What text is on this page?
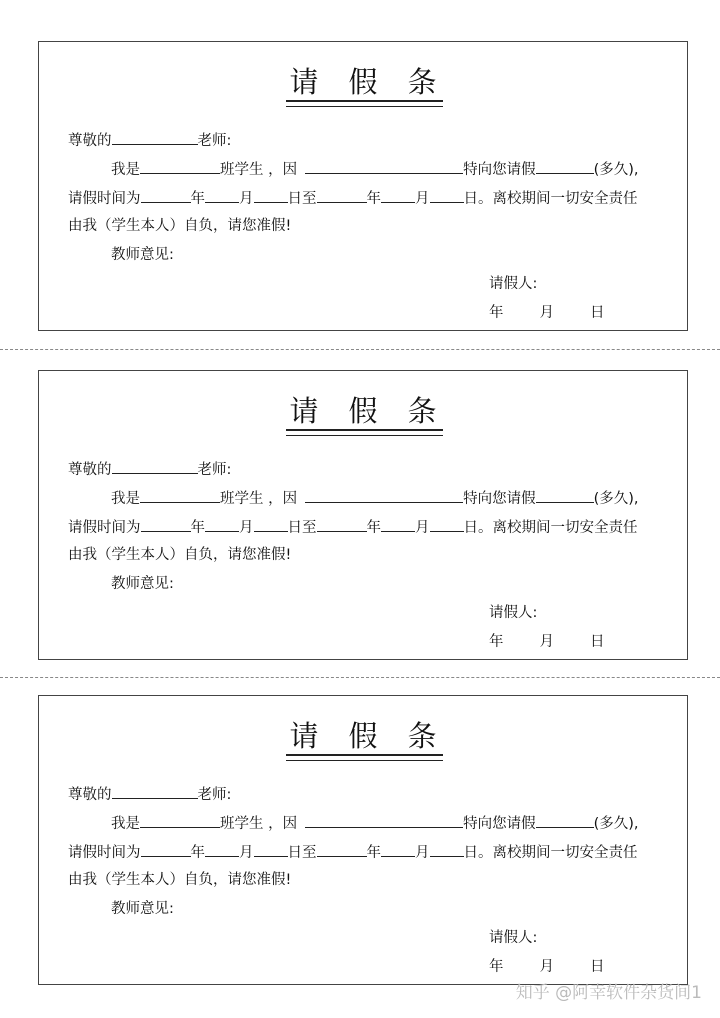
请 假 条
尊敬的	老师:
我是	班学生 ，因	特向您请假	(多久),
请假时间为	年 月 日至	年 月 日。离校期间一切安全责任
由我（学生本人）自负，请您准假!
教师意见:
请假人:
年 月 日
请 假 条
尊敬的	老师:
我是	班学生 ，因	特向您请假	(多久),
请假时间为	年 月 日至	年 月 日。离校期间一切安全责任
由我（学生本人）自负，请您准假!
教师意见:
请假人:
年 月 日
请 假 条
尊敬的	老师:
我是	班学生 ，因	特向您请假	(多久),
请假时间为	年 月 日至	年 月 日。离校期间一切安全责任
由我（学生本人）自负，请您准假!
教师意见:
请假人:
年 月 日
知乎 @阿幸软件杂货间1
